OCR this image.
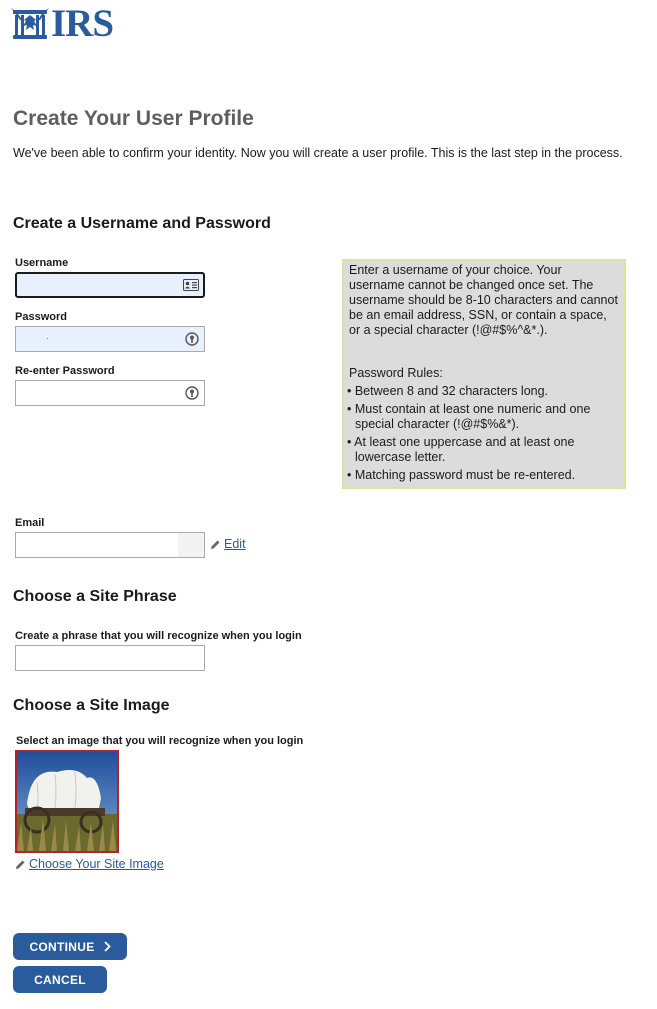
IRS
Create Your User Profile

We've been able to confirm your identity. Now you will create a user profile. This is the last step in the process.

Create a Username and Password
Username
Password
·
Re-enter Password

Enter a username of your choice. Your username cannot be changed once set. The username should be 8-10 characters and cannot be an email address, SSN, or contain a space, or a special character (!@#$%^&*.).

Password Rules:

• Between 8 and 32 characters long.
• Must contain at least one numeric and one special character (!@#$%&*).
• At least one uppercase and at least one lowercase letter.
• Matching password must be re-entered.
Email
Edit
Choose a Site Phrase
Create a phrase that you will recognize when you login
Choose a Site Image
Select an image that you will recognize when you login
Choose Your Site Image
CONTINUE
CANCEL
